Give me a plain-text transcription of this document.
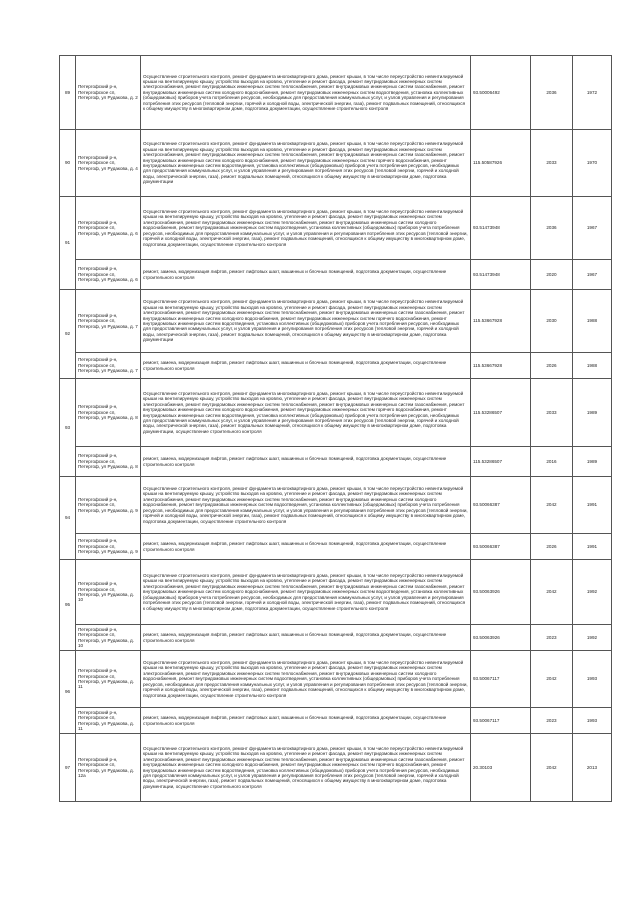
89	Петергофский р-н, Петергофское сп, Петергоф, ул Рудакова, д. 2	Осуществление строительного контроля, ремонт фундамента многоквартирного дома, ремонт крыши, в том числе переустройство невентилируемой крыши на вентилируемую крышу, устройство выходов на кровлю, утепление и ремонт фасада, ремонт внутридомовых инженерных систем электроснабжения, ремонт внутридомовых инженерных систем теплоснабжения, ремонт внутридомовых инженерных систем газоснабжения, ремонт внутридомовых инженерных систем холодного водоснабжения, ремонт внутридомовых инженерных систем водоотведения, установка коллективных (общедомовых) приборов учета потребления ресурсов, необходимых для предоставления коммунальных услуг, и узлов управления и регулирования потребления этих ресурсов (тепловой энергии, горячей и холодной воды, электрической энергии, газа), ремонт подвальных помещений, относящихся к общему имуществу в многоквартирном доме, подготовка документации, осуществление строительного контроля	93.50006492	2036	1972
90	Петергофский р-н, Петергофское сп, Петергоф, ул Рудакова, д. 4	Осуществление строительного контроля, ремонт фундамента многоквартирного дома, ремонт крыши, в том числе переустройство невентилируемой крыши на вентилируемую крышу, устройство выходов на кровлю, утепление и ремонт фасада, ремонт внутридомовых инженерных систем электроснабжения, ремонт внутридомовых инженерных систем теплоснабжения, ремонт внутридомовых инженерных систем газоснабжения, ремонт внутридомовых инженерных систем холодного водоснабжения, ремонт внутридомовых инженерных систем горячего водоснабжения, ремонт внутридомовых инженерных систем водоотведения, установка коллективных (общедомовых) приборов учета потребления ресурсов, необходимых для предоставления коммунальных услуг, и узлов управления и регулирования потребления этих ресурсов (тепловой энергии, горячей и холодной воды, электрической энергии, газа), ремонт подвальных помещений, относящихся к общему имуществу в многоквартирном доме, подготовка документации	115.50587926	2033	1970
91	Петергофский р-н, Петергофское сп, Петергоф, ул Рудакова, д. 6	Осуществление строительного контроля, ремонт фундамента многоквартирного дома, ремонт крыши, в том числе переустройство невентилируемой крыши на вентилируемую крышу, устройство выходов на кровлю, утепление и ремонт фасада, ремонт внутридомовых инженерных систем электроснабжения, ремонт внутридомовых инженерных систем теплоснабжения, ремонт внутридомовых инженерных систем холодного водоснабжения, ремонт внутридомовых инженерных систем водоотведения, установка коллективных (общедомовых) приборов учета потребления ресурсов, необходимых для предоставления коммунальных услуг, и узлов управления и регулирования потребления этих ресурсов (тепловой энергии, горячей и холодной воды, электрической энергии, газа), ремонт подвальных помещений, относящихся к общему имуществу в многоквартирном доме, подготовка документации, осуществление строительного контроля	93.51473948	2036	1967
	Петергофский р-н, Петергофское сп, Петергоф, ул Рудакова, д. 6	ремонт, замена, модернизация лифтов, ремонт лифтовых шахт, машинных и блочных помещений, подготовка документации, осуществление строительного контроля	93.51473948	2020	1967
92	Петергофский р-н, Петергофское сп, Петергоф, ул Рудакова, д. 7	Осуществление строительного контроля, ремонт фундамента многоквартирного дома, ремонт крыши, в том числе переустройство невентилируемой крыши на вентилируемую крышу, устройство выходов на кровлю, утепление и ремонт фасада, ремонт внутридомовых инженерных систем электроснабжения, ремонт внутридомовых инженерных систем теплоснабжения, ремонт внутридомовых инженерных систем газоснабжения, ремонт внутридомовых инженерных систем холодного водоснабжения, ремонт внутридомовых инженерных систем горячего водоснабжения, ремонт внутридомовых инженерных систем водоотведения, установка коллективных (общедомовых) приборов учета потребления ресурсов, необходимых для предоставления коммунальных услуг, и узлов управления и регулирования потребления этих ресурсов (тепловой энергии, горячей и холодной воды, электрической энергии, газа), ремонт подвальных помещений, относящихся к общему имуществу в многоквартирном доме, подготовка документации	115.53667928	2030	1988
	Петергофский р-н, Петергофское сп, Петергоф, ул Рудакова, д. 7	ремонт, замена, модернизация лифтов, ремонт лифтовых шахт, машинных и блочных помещений, подготовка документации, осуществление строительного контроля	115.53667928	2026	1988
93	Петергофский р-н, Петергофское сп, Петергоф, ул Рудакова, д. 8	Осуществление строительного контроля, ремонт фундамента многоквартирного дома, ремонт крыши, в том числе переустройство невентилируемой крыши на вентилируемую крышу, устройство выходов на кровлю, утепление и ремонт фасада, ремонт внутридомовых инженерных систем электроснабжения, ремонт внутридомовых инженерных систем теплоснабжения, ремонт внутридомовых инженерных систем газоснабжения, ремонт внутридомовых инженерных систем холодного водоснабжения, ремонт внутридомовых инженерных систем горячего водоснабжения, ремонт внутридомовых инженерных систем водоотведения, установка коллективных (общедомовых) приборов учета потребления ресурсов, необходимых для предоставления коммунальных услуг, и узлов управления и регулирования потребления этих ресурсов (тепловой энергии, горячей и холодной воды, электрической энергии, газа), ремонт подвальных помещений, относящихся к общему имуществу в многоквартирном доме, подготовка документации, осуществление строительного контроля	115.53286507	2033	1989
	Петергофский р-н, Петергофское сп, Петергоф, ул Рудакова, д. 8	ремонт, замена, модернизация лифтов, ремонт лифтовых шахт, машинных и блочных помещений, подготовка документации, осуществление строительного контроля	115.53286507	2016	1989
94	Петергофский р-н, Петергофское сп, Петергоф, ул Рудакова, д. 9	Осуществление строительного контроля, ремонт фундамента многоквартирного дома, ремонт крыши, в том числе переустройство невентилируемой крыши на вентилируемую крышу, устройство выходов на кровлю, утепление и ремонт фасада, ремонт внутридомовых инженерных систем электроснабжения, ремонт внутридомовых инженерных систем теплоснабжения, ремонт внутридомовых инженерных систем холодного водоснабжения, ремонт внутридомовых инженерных систем водоотведения, установка коллективных (общедомовых) приборов учета потребления ресурсов, необходимых для предоставления коммунальных услуг, и узлов управления и регулирования потребления этих ресурсов (тепловой энергии, горячей и холодной воды, электрической энергии, газа), ремонт подвальных помещений, относящихся к общему имуществу в многоквартирном доме, подготовка документации, осуществление строительного контроля	93.50066387	2042	1991
	Петергофский р-н, Петергофское сп, Петергоф, ул Рудакова, д. 9	ремонт, замена, модернизация лифтов, ремонт лифтовых шахт, машинных и блочных помещений, подготовка документации, осуществление строительного контроля	93.50066387	2026	1991
95	Петергофский р-н, Петергофское сп, Петергоф, ул Рудакова, д. 10	Осуществление строительного контроля, ремонт фундамента многоквартирного дома, ремонт крыши, в том числе переустройство невентилируемой крыши на вентилируемую крышу, устройство выходов на кровлю, утепление и ремонт фасада, ремонт внутридомовых инженерных систем электроснабжения, ремонт внутридомовых инженерных систем теплоснабжения, ремонт внутридомовых инженерных систем газоснабжения, ремонт внутридомовых инженерных систем холодного водоснабжения, ремонт внутридомовых инженерных систем водоотведения, установка коллективных (общедомовых) приборов учета потребления ресурсов, необходимых для предоставления коммунальных услуг, и узлов управления и регулирования потребления этих ресурсов (тепловой энергии, горячей и холодной воды, электрической энергии, газа), ремонт подвальных помещений, относящихся к общему имуществу в многоквартирном доме, подготовка документации, осуществление строительного контроля	93.50063926	2042	1992
	Петергофский р-н, Петергофское сп, Петергоф, ул Рудакова, д. 10	ремонт, замена, модернизация лифтов, ремонт лифтовых шахт, машинных и блочных помещений, подготовка документации, осуществление строительного контроля	93.50063926	2023	1992
96	Петергофский р-н, Петергофское сп, Петергоф, ул Рудакова, д. 11	Осуществление строительного контроля, ремонт фундамента многоквартирного дома, ремонт крыши, в том числе переустройство невентилируемой крыши на вентилируемую крышу, устройство выходов на кровлю, утепление и ремонт фасада, ремонт внутридомовых инженерных систем электроснабжения, ремонт внутридомовых инженерных систем теплоснабжения, ремонт внутридомовых инженерных систем холодного водоснабжения, ремонт внутридомовых инженерных систем водоотведения, установка коллективных (общедомовых) приборов учета потребления ресурсов, необходимых для предоставления коммунальных услуг, и узлов управления и регулирования потребления этих ресурсов (тепловой энергии, горячей и холодной воды, электрической энергии, газа), ремонт подвальных помещений, относящихся к общему имуществу в многоквартирном доме, подготовка документации, осуществление строительного контроля	93.50067117	2042	1993
	Петергофский р-н, Петергофское сп, Петергоф, ул Рудакова, д. 11	ремонт, замена, модернизация лифтов, ремонт лифтовых шахт, машинных и блочных помещений, подготовка документации, осуществление строительного контроля	93.50067117	2023	1993
97	Петергофский р-н, Петергофское сп, Петергоф, ул Рудакова, д. 12а	Осуществление строительного контроля, ремонт фундамента многоквартирного дома, ремонт крыши, в том числе переустройство невентилируемой крыши на вентилируемую крышу, устройство выходов на кровлю, утепление и ремонт фасада, ремонт внутридомовых инженерных систем электроснабжения, ремонт внутридомовых инженерных систем теплоснабжения, ремонт внутридомовых инженерных систем газоснабжения, ремонт внутридомовых инженерных систем холодного водоснабжения, ремонт внутридомовых инженерных систем горячего водоснабжения, ремонт внутридомовых инженерных систем водоотведения, установка коллективных (общедомовых) приборов учета потребления ресурсов, необходимых для предоставления коммунальных услуг, и узлов управления и регулирования потребления этих ресурсов (тепловой энергии, горячей и холодной воды, электрической энергии, газа), ремонт подвальных помещений, относящихся к общему имуществу в многоквартирном доме, подготовка документации, осуществление строительного контроля	20.30103	2042	2013
